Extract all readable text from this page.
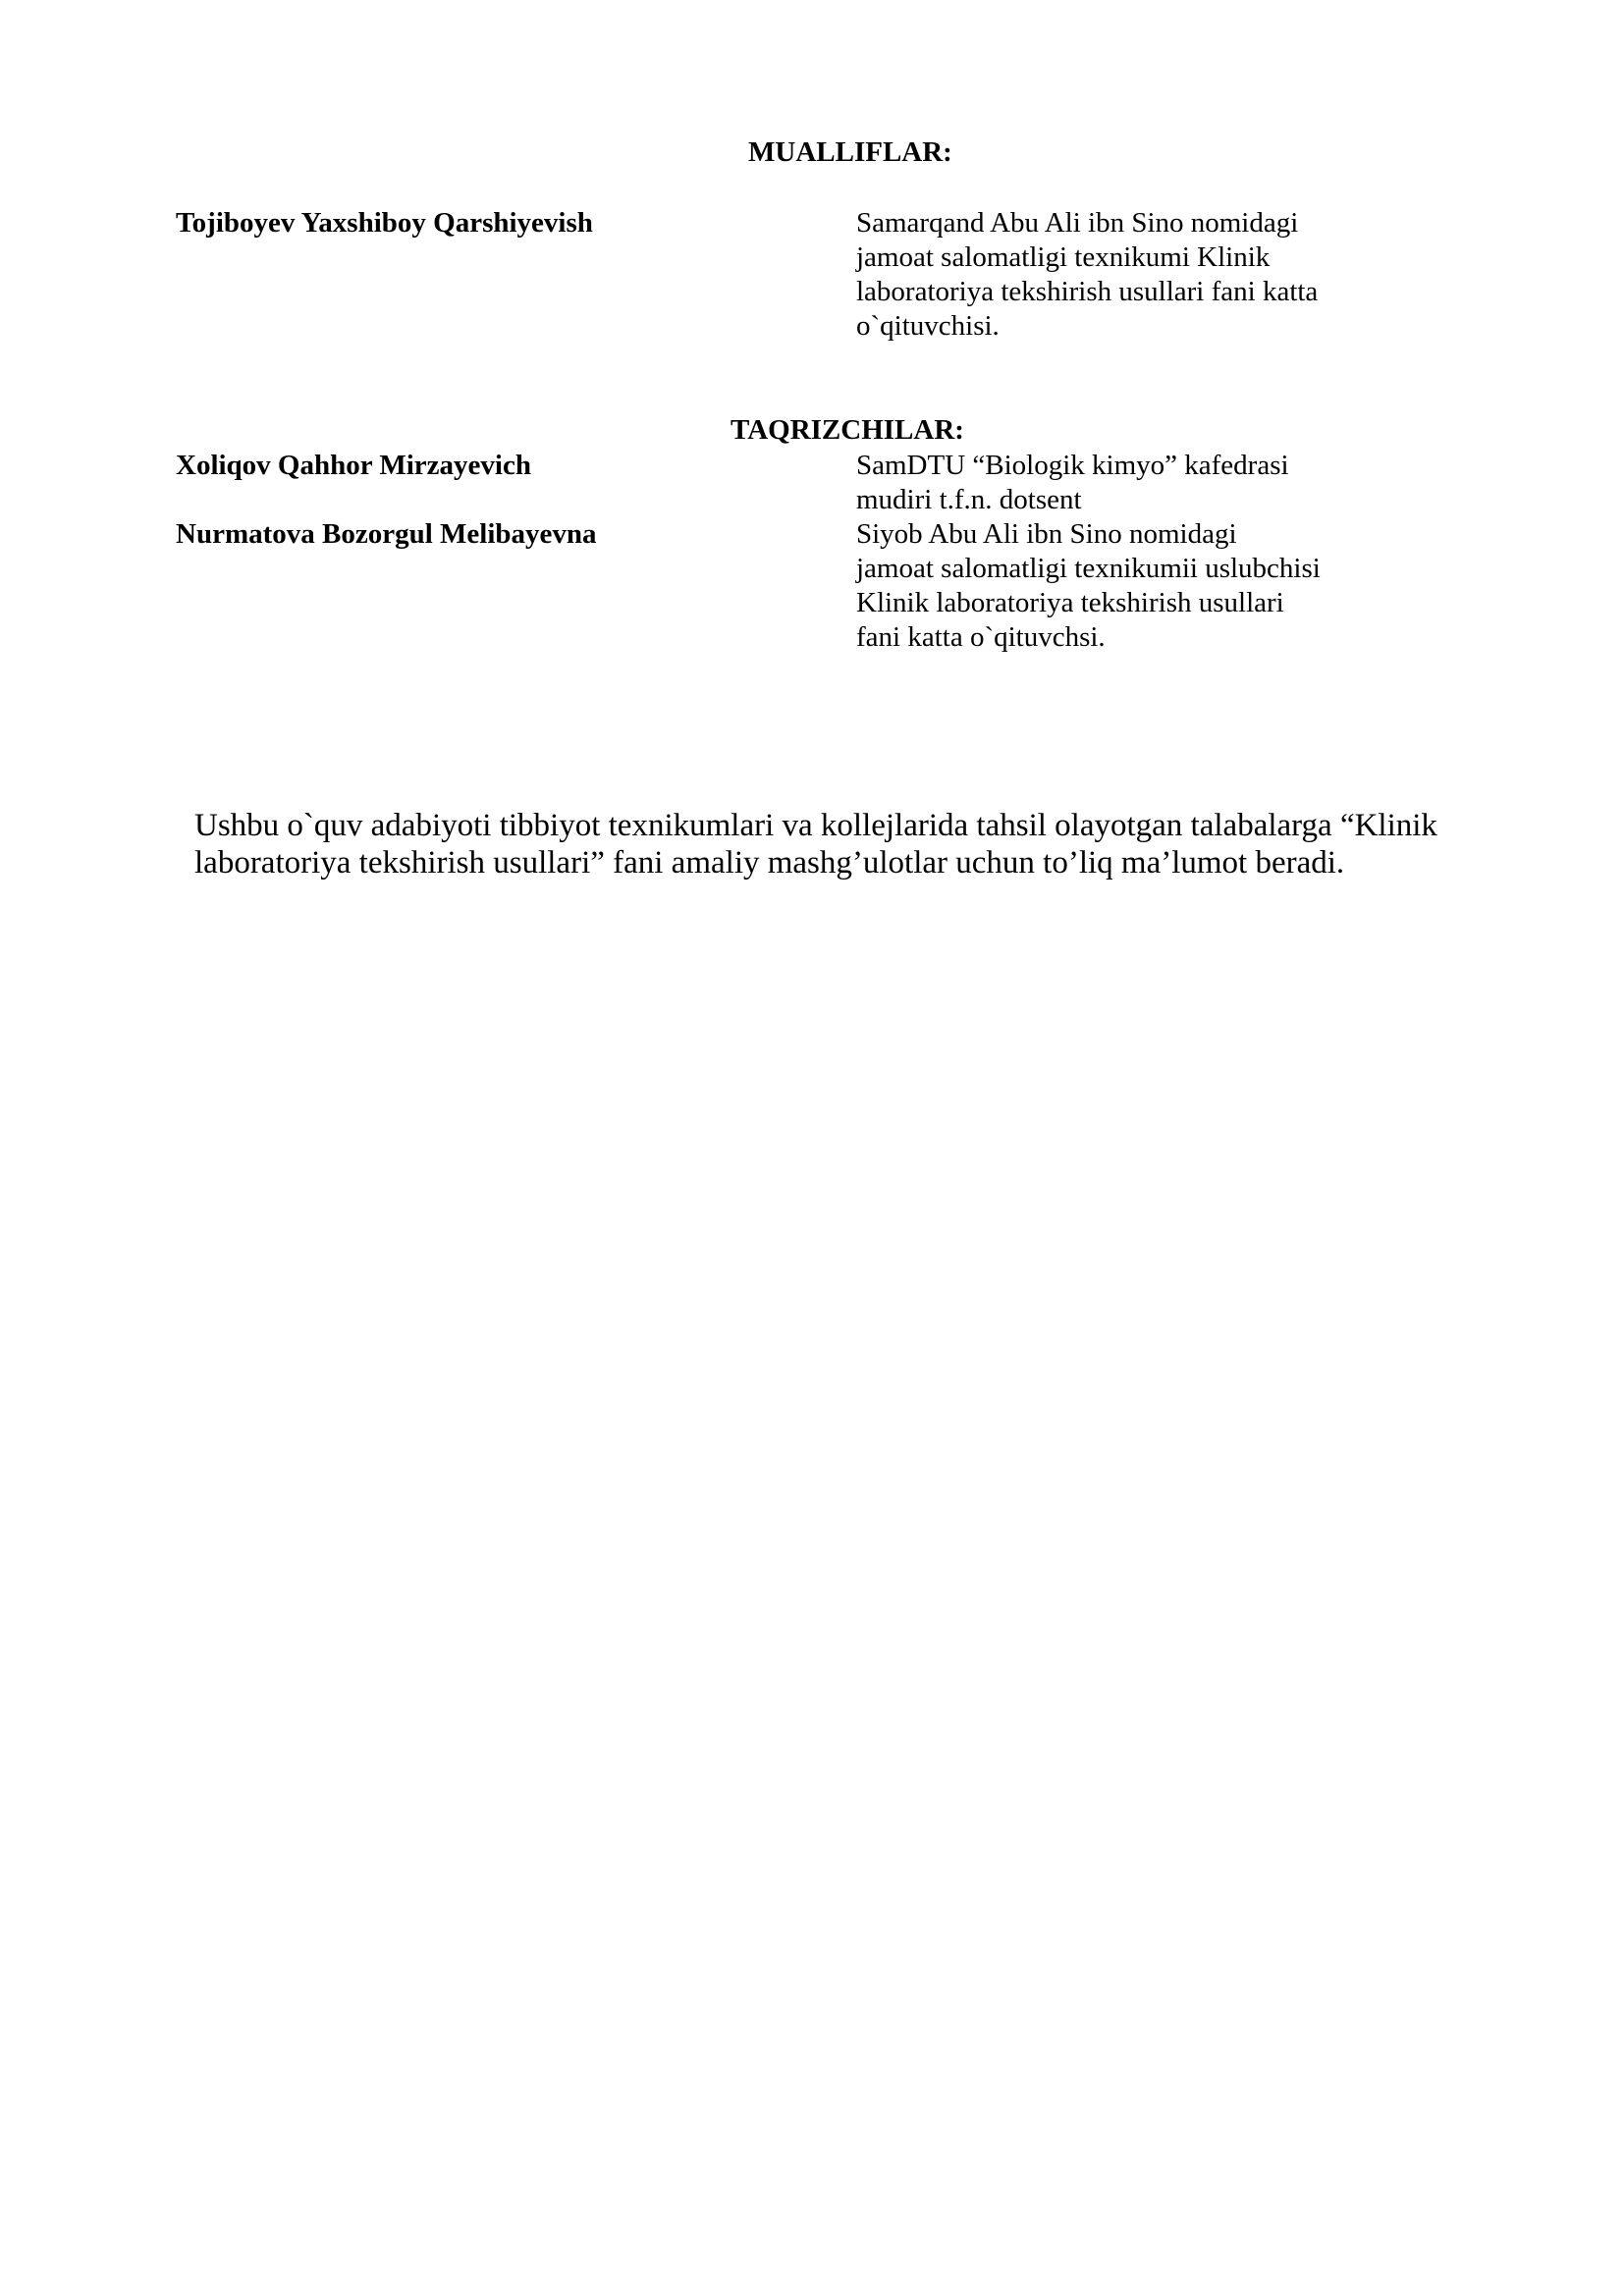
MUALLIFLAR:
Tojiboyev Yaxshiboy Qarshiyevish	Samarqand Abu Ali ibn Sino nomidagi
jamoat salomatligi texnikumi Klinik
laboratoriya tekshirish usullari fani katta
o`qituvchisi.
TAQRIZCHILAR:
Xoliqov Qahhor Mirzayevich	SamDTU “Biologik kimyo” kafedrasi
mudiri t.f.n. dotsent
Nurmatova Bozorgul Melibayevna	Siyob Abu Ali ibn Sino nomidagi
jamoat salomatligi texnikumii uslubchisi
Klinik laboratoriya tekshirish usullari
fani katta o`qituvchsi.
Ushbu o`quv adabiyoti tibbiyot texnikumlari va kollejlarida tahsil olayotgan talabalarga “Klinik
laboratoriya tekshirish usullari” fani amaliy mashg’ulotlar uchun to’liq ma’lumot beradi.
